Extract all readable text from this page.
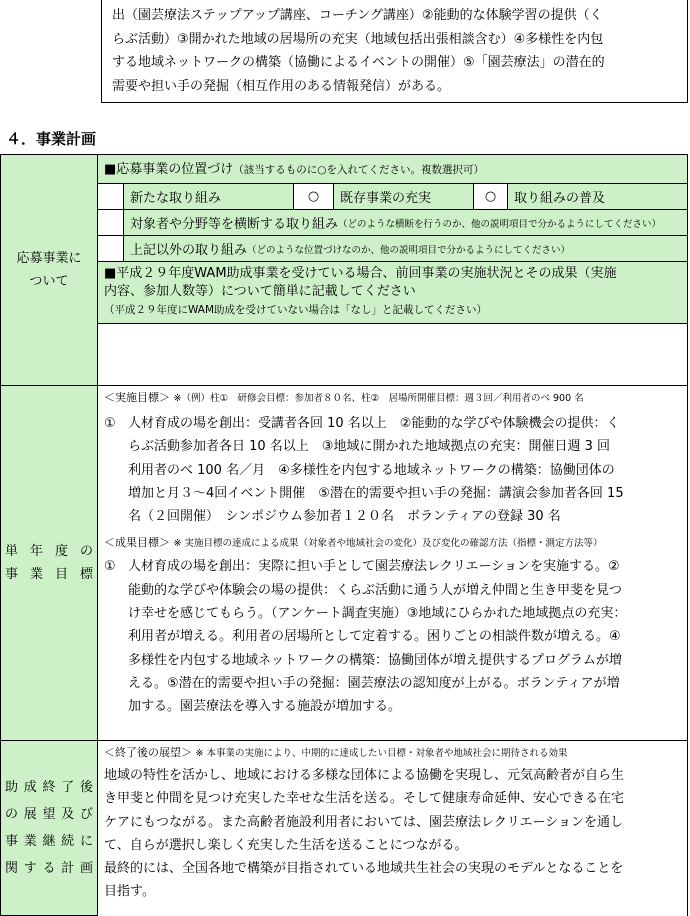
出（園芸療法ステップアップ講座、コーチング講座）②能動的な体験学習の提供（く

らぶ活動）③開かれた地域の居場所の充実（地域包括出張相談含む）④多様性を内包

する地域ネットワークの構築（協働によるイベントの開催）⑤「園芸療法」の潜在的

需要や担い手の発掘（相互作用のある情報発信）がある。

４．事業計画
応募事業に
ついて
■応募事業の位置づけ（該当するものに○を入れてください。複数選択可）
新たな取り組み	○	既存事業の充実	○	取り組みの普及
対象者や分野等を横断する取り組み （どのような横断を行うのか、他の説明項目で分かるようにしてください）
上記以外の取り組み （どのような位置づけなのか、他の説明項目で分かるようにしてください）
■平成２９年度WAM助成事業を受けている場合、前回事業の実施状況とその成果（実施
内容、参加人数等）について簡単に記載してください
（平成２９年度にWAM助成を受けていない場合は「なし」と記載してください）
単年度の
事業目標
＜実施目標＞ ※（例）柱①　研修会目標：参加者８０名、柱②　居場所開催目標：週３回／利用者のべ 900 名
① 人材育成の場を創出：受講者各回 10 名以上　②能動的な学びや体験機会の提供：く
らぶ活動参加者各日 10 名以上　③地域に開かれた地域拠点の充実：開催日週 3 回
利用者のべ 100 名／月　④多様性を内包する地域ネットワークの構築：協働団体の
増加と月３～4回イベント開催　⑤潜在的需要や担い手の発掘：講演会参加者各回 15
名（２回開催）　シンポジウム参加者１２０名　ボランティアの登録 30 名
＜成果目標＞ ※ 実施目標の達成による成果（対象者や地域社会の変化）及び変化の確認方法（指標・測定方法等）
① 人材育成の場を創出：実際に担い手として園芸療法レクリエーションを実施する。②
能動的な学びや体験会の場の提供：くらぶ活動に通う人が増え仲間と生き甲斐を見つ
け幸せを感じてもらう。（アンケート調査実施）③地域にひらかれた地域拠点の充実：
利用者が増える。利用者の居場所として定着する。困りごとの相談件数が増える。④
多様性を内包する地域ネットワークの構築：協働団体が増え提供するプログラムが増
える。⑤潜在的需要や担い手の発掘：園芸療法の認知度が上がる。ボランティアが増
加する。園芸療法を導入する施設が増加する。
助成終了後
の展望及び
事業継続に
関する計画
＜終了後の展望＞ ※ 本事業の実施により、中期的に達成したい目標・対象者や地域社会に期待される効果
地域の特性を活かし、地域における多様な団体による協働を実現し、元気高齢者が自ら生
き甲斐と仲間を見つけ充実した幸せな生活を送る。そして健康寿命延伸、安心できる在宅
ケアにもつながる。また高齢者施設利用者においては、園芸療法レクリエーションを通し
て、自らが選択し楽しく充実した生活を送ることにつながる。
最終的には、全国各地で構築が目指されている地域共生社会の実現のモデルとなることを
目指す。
